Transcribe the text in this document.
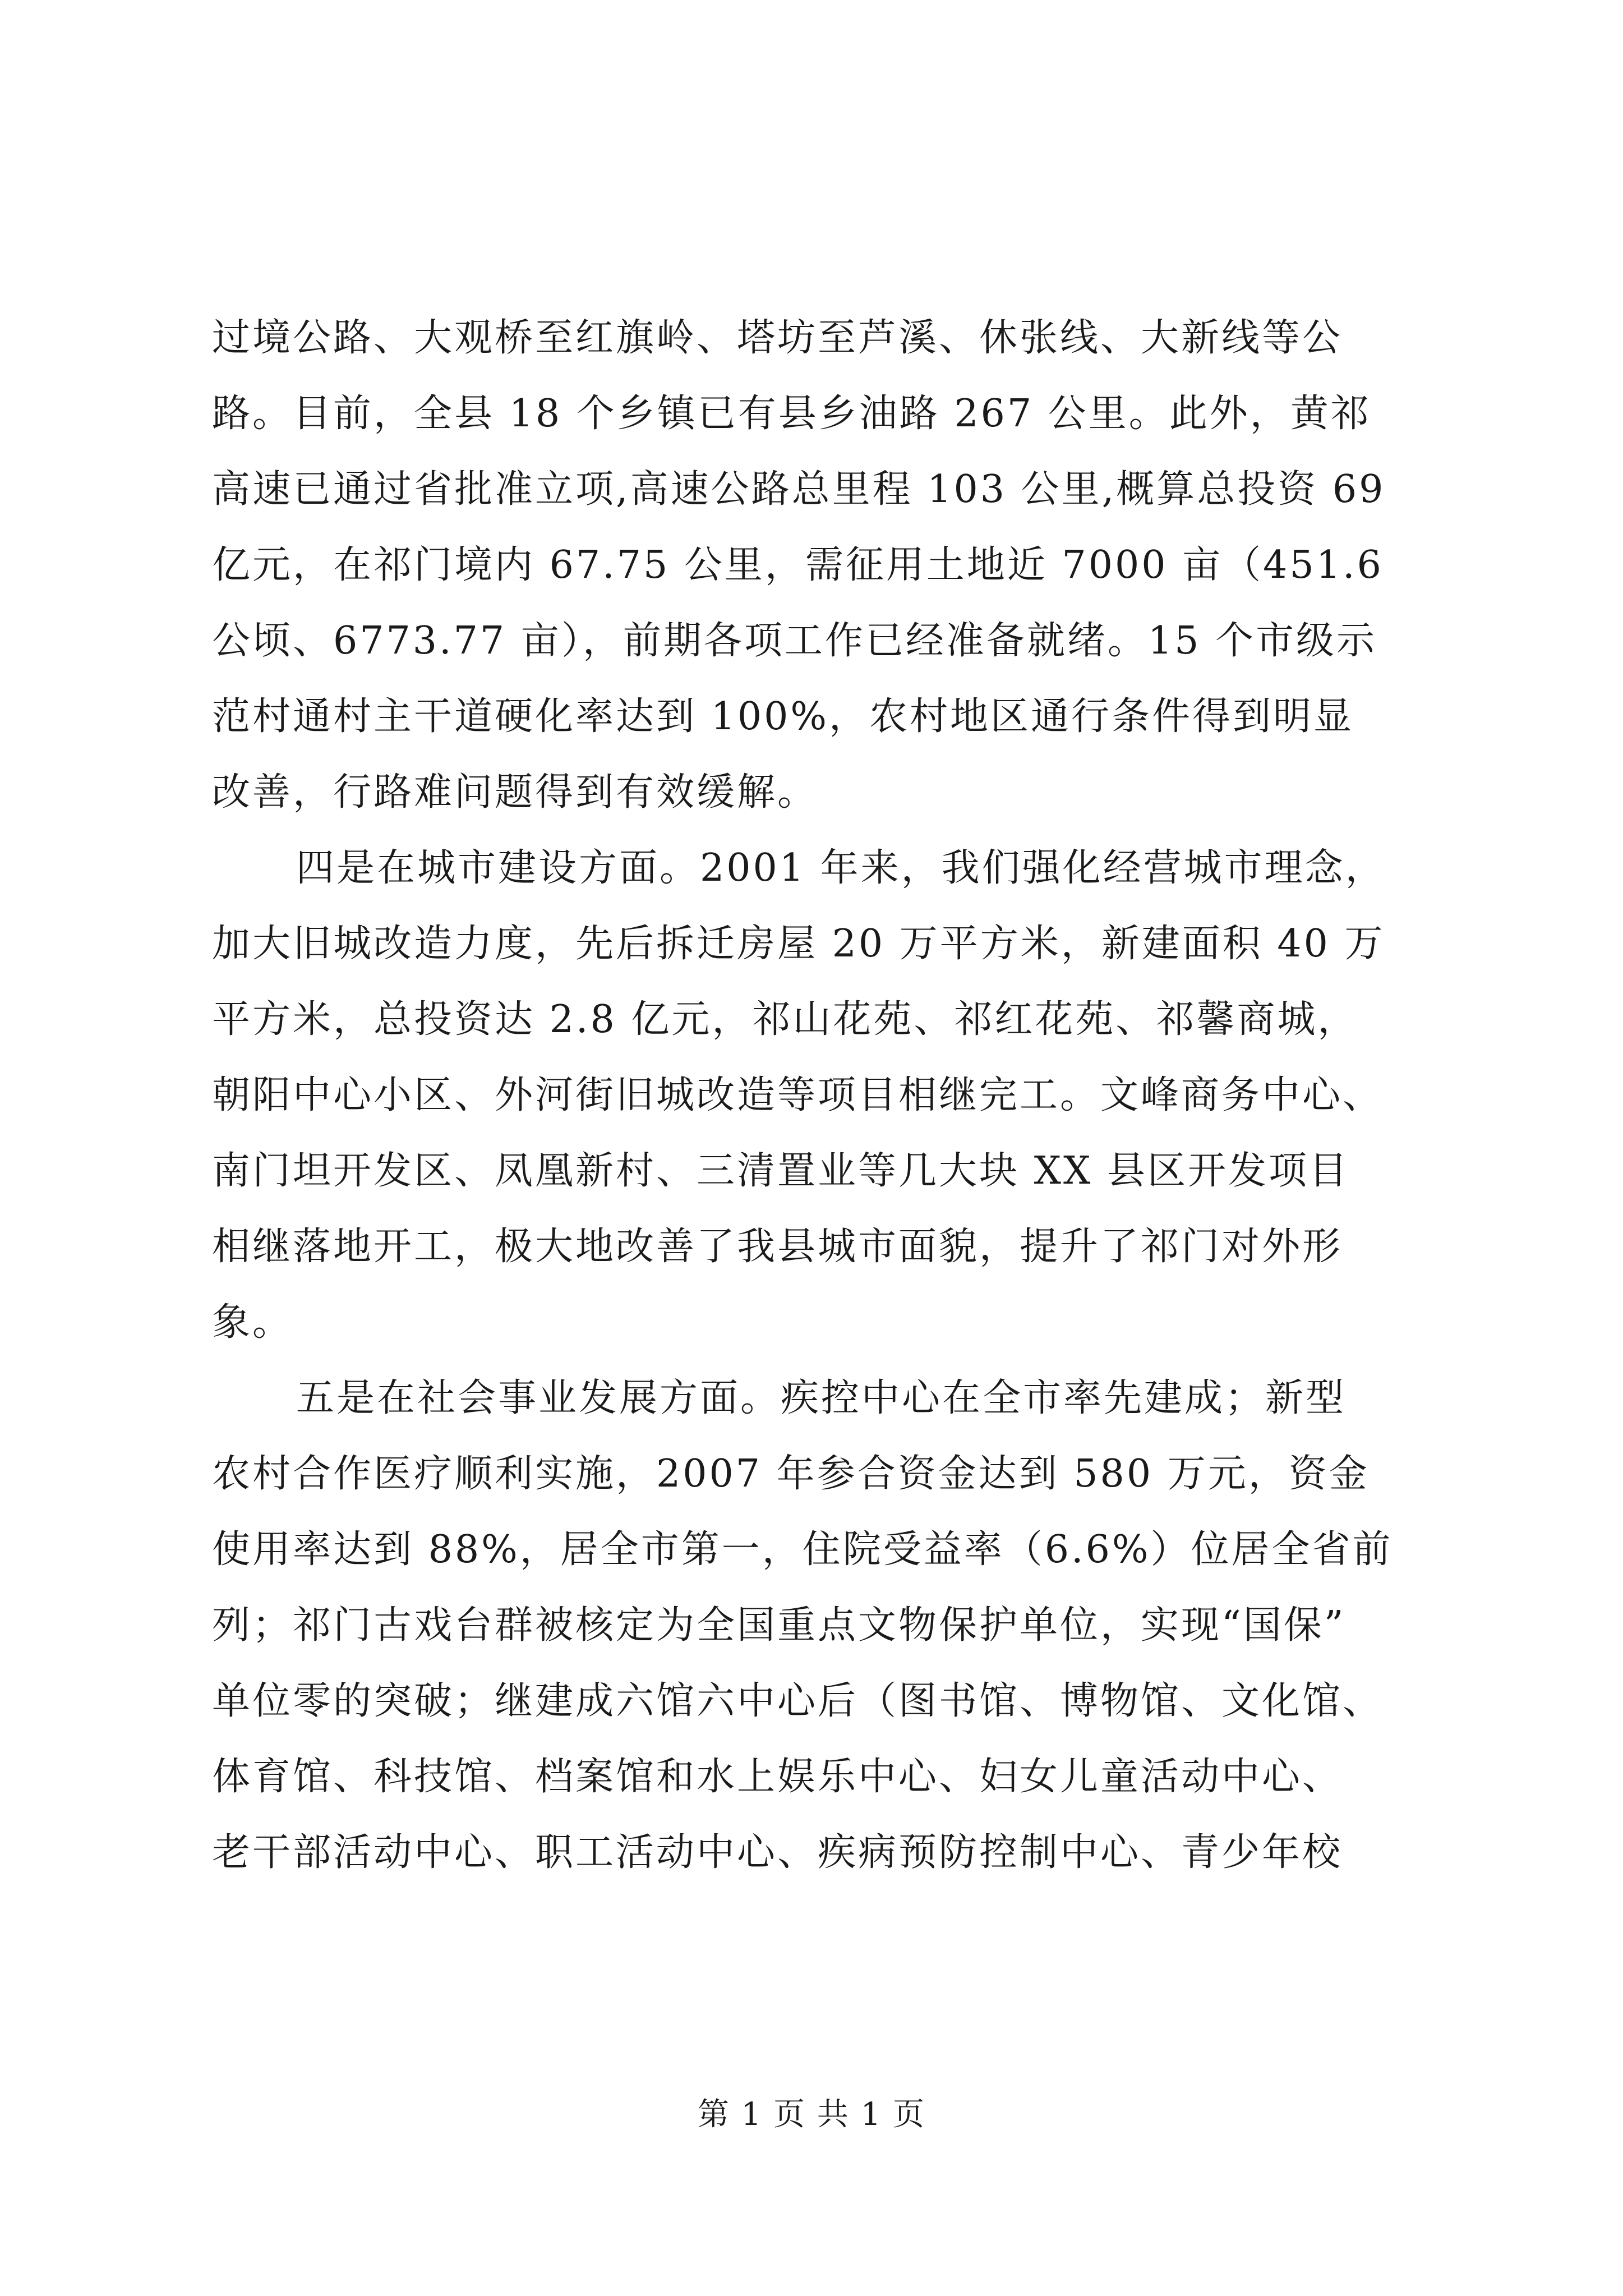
过境公路、大观桥至红旗岭、塔坊至芦溪、休张线、大新线等公
路。目前，全县 18 个乡镇已有县乡油路 267 公里。此外，黄祁
高速已通过省批准立项,高速公路总里程 103 公里,概算总投资 69
亿元，在祁门境内 67.75 公里，需征用土地近 7000 亩（451.6
公顷、6773.77 亩），前期各项工作已经准备就绪。15 个市级示
范村通村主干道硬化率达到 100%，农村地区通行条件得到明显
改善，行路难问题得到有效缓解。
四是在城市建设方面。2001 年来，我们强化经营城市理念，
加大旧城改造力度，先后拆迁房屋 20 万平方米，新建面积 40 万
平方米，总投资达 2.8 亿元，祁山花苑、祁红花苑、祁馨商城，
朝阳中心小区、外河街旧城改造等项目相继完工。文峰商务中心、
南门坦开发区、凤凰新村、三清置业等几大块 XX 县区开发项目
相继落地开工，极大地改善了我县城市面貌，提升了祁门对外形
象。
五是在社会事业发展方面。疾控中心在全市率先建成；新型
农村合作医疗顺利实施，2007 年参合资金达到 580 万元，资金
使用率达到 88%，居全市第一，住院受益率（6.6%）位居全省前
列；祁门古戏台群被核定为全国重点文物保护单位，实现“国保”
单位零的突破；继建成六馆六中心后（图书馆、博物馆、文化馆、
体育馆、科技馆、档案馆和水上娱乐中心、妇女儿童活动中心、
老干部活动中心、职工活动中心、疾病预防控制中心、青少年校
第 1 页 共 1 页
